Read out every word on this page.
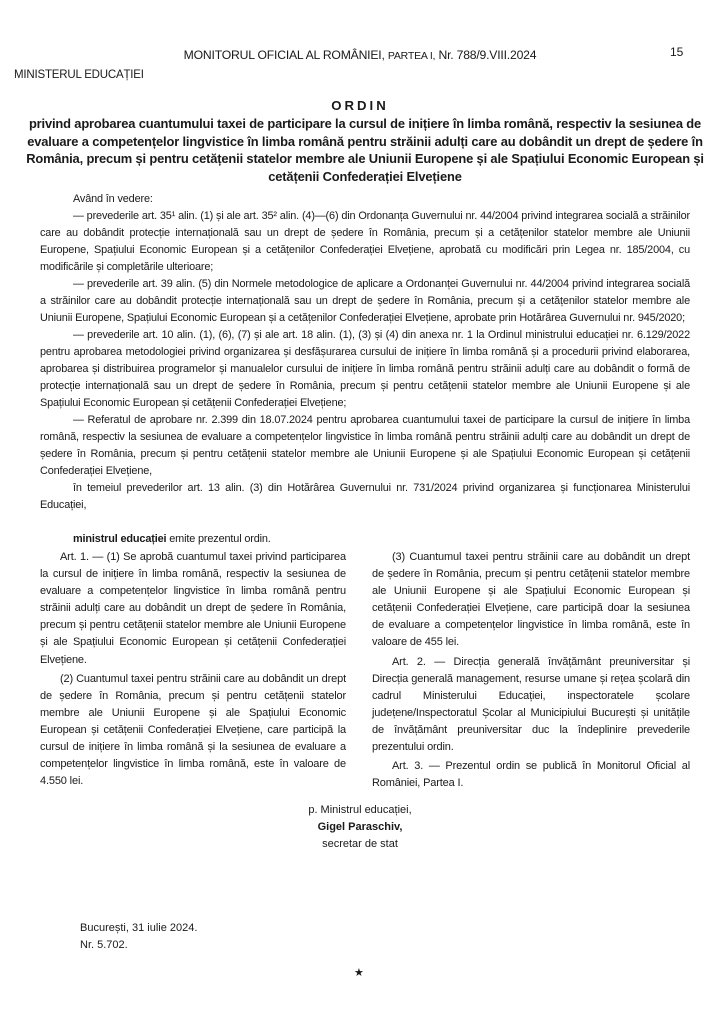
MONITORUL OFICIAL AL ROMÂNIEI, PARTEA I, Nr. 788/9.VIII.2024	15
MINISTERUL EDUCAȚIEI
ORDIN
privind aprobarea cuantumului taxei de participare la cursul de inițiere în limba română, respectiv la sesiunea de evaluare a competențelor lingvistice în limba română pentru străinii adulți care au dobândit un drept de ședere în România, precum și pentru cetățenii statelor membre ale Uniunii Europene și ale Spațiului Economic European și cetățenii Confederației Elvețiene

Având în vedere:

— prevederile art. 35¹ alin. (1) și ale art. 35² alin. (4)—(6) din Ordonanța Guvernului nr. 44/2004 privind integrarea socială a străinilor care au dobândit protecție internațională sau un drept de ședere în România, precum și a cetățenilor statelor membre ale Uniunii Europene, Spațiului Economic European și a cetățenilor Confederației Elvețiene, aprobată cu modificări prin Legea nr. 185/2004, cu modificările și completările ulterioare;

— prevederile art. 39 alin. (5) din Normele metodologice de aplicare a Ordonanței Guvernului nr. 44/2004 privind integrarea socială a străinilor care au dobândit protecție internațională sau un drept de ședere în România, precum și a cetățenilor statelor membre ale Uniunii Europene, Spațiului Economic European și a cetățenilor Confederației Elvețiene, aprobate prin Hotărârea Guvernului nr. 945/2020;

— prevederile art. 10 alin. (1), (6), (7) și ale art. 18 alin. (1), (3) și (4) din anexa nr. 1 la Ordinul ministrului educației nr. 6.129/2022 pentru aprobarea metodologiei privind organizarea și desfășurarea cursului de inițiere în limba română și a procedurii privind elaborarea, aprobarea și distribuirea programelor și manualelor cursului de inițiere în limba română pentru străinii adulți care au dobândit o formă de protecție internațională sau un drept de ședere în România, precum și pentru cetățenii statelor membre ale Uniunii Europene și ale Spațiului Economic European și cetățenii Confederației Elvețiene;

— Referatul de aprobare nr. 2.399 din 18.07.2024 pentru aprobarea cuantumului taxei de participare la cursul de inițiere în limba română, respectiv la sesiunea de evaluare a competențelor lingvistice în limba română pentru străinii adulți care au dobândit un drept de ședere în România, precum și pentru cetățenii statelor membre ale Uniunii Europene și ale Spațiului Economic European și cetățenii Confederației Elvețiene,

în temeiul prevederilor art. 13 alin. (3) din Hotărârea Guvernului nr. 731/2024 privind organizarea și funcționarea Ministerului Educației,

ministrul educației emite prezentul ordin.

Art. 1. — (1) Se aprobă cuantumul taxei privind participarea la cursul de inițiere în limba română, respectiv la sesiunea de evaluare a competențelor lingvistice în limba română pentru străinii adulți care au dobândit un drept de ședere în România, precum și pentru cetățenii statelor membre ale Uniunii Europene și ale Spațiului Economic European și cetățenii Confederației Elvețiene.

(2) Cuantumul taxei pentru străinii care au dobândit un drept de ședere în România, precum și pentru cetățenii statelor membre ale Uniunii Europene și ale Spațiului Economic European și cetățenii Confederației Elvețiene, care participă la cursul de inițiere în limba română și la sesiunea de evaluare a competențelor lingvistice în limba română, este în valoare de 4.550 lei.

(3) Cuantumul taxei pentru străinii care au dobândit un drept de ședere în România, precum și pentru cetățenii statelor membre ale Uniunii Europene și ale Spațiului Economic European și cetățenii Confederației Elvețiene, care participă doar la sesiunea de evaluare a competențelor lingvistice în limba română, este în valoare de 455 lei.

Art. 2. — Direcția generală învățământ preuniversitar și Direcția generală management, resurse umane și rețea școlară din cadrul Ministerului Educației, inspectoratele școlare județene/Inspectoratul Școlar al Municipiului București și unitățile de învățământ preuniversitar duc la îndeplinire prevederile prezentului ordin.

Art. 3. — Prezentul ordin se publică în Monitorul Oficial al României, Partea I.

p. Ministrul educației,
Gigel Paraschiv,
secretar de stat
București, 31 iulie 2024.
Nr. 5.702.
★
